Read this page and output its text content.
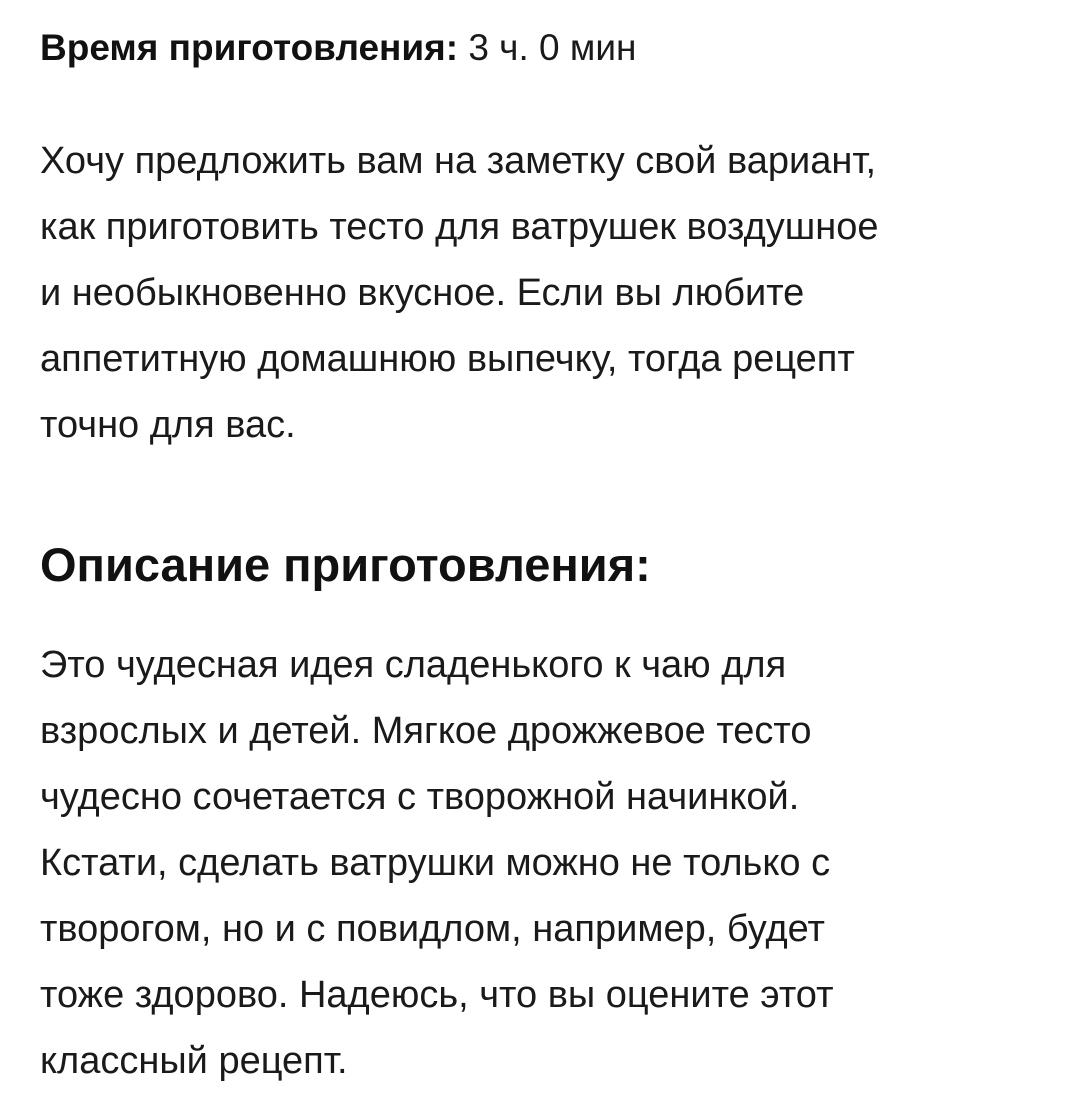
Время приготовления: 3 ч. 0 мин

Хочу предложить вам на заметку свой вариант,
как приготовить тесто для ватрушек воздушное
и необыкновенно вкусное. Если вы любите
аппетитную домашнюю выпечку, тогда рецепт
точно для вас.

Описание приготовления:

Это чудесная идея сладенького к чаю для
взрослых и детей. Мягкое дрожжевое тесто
чудесно сочетается с творожной начинкой.
Кстати, сделать ватрушки можно не только с
творогом, но и с повидлом, например, будет
тоже здорово. Надеюсь, что вы оцените этот
классный рецепт.
